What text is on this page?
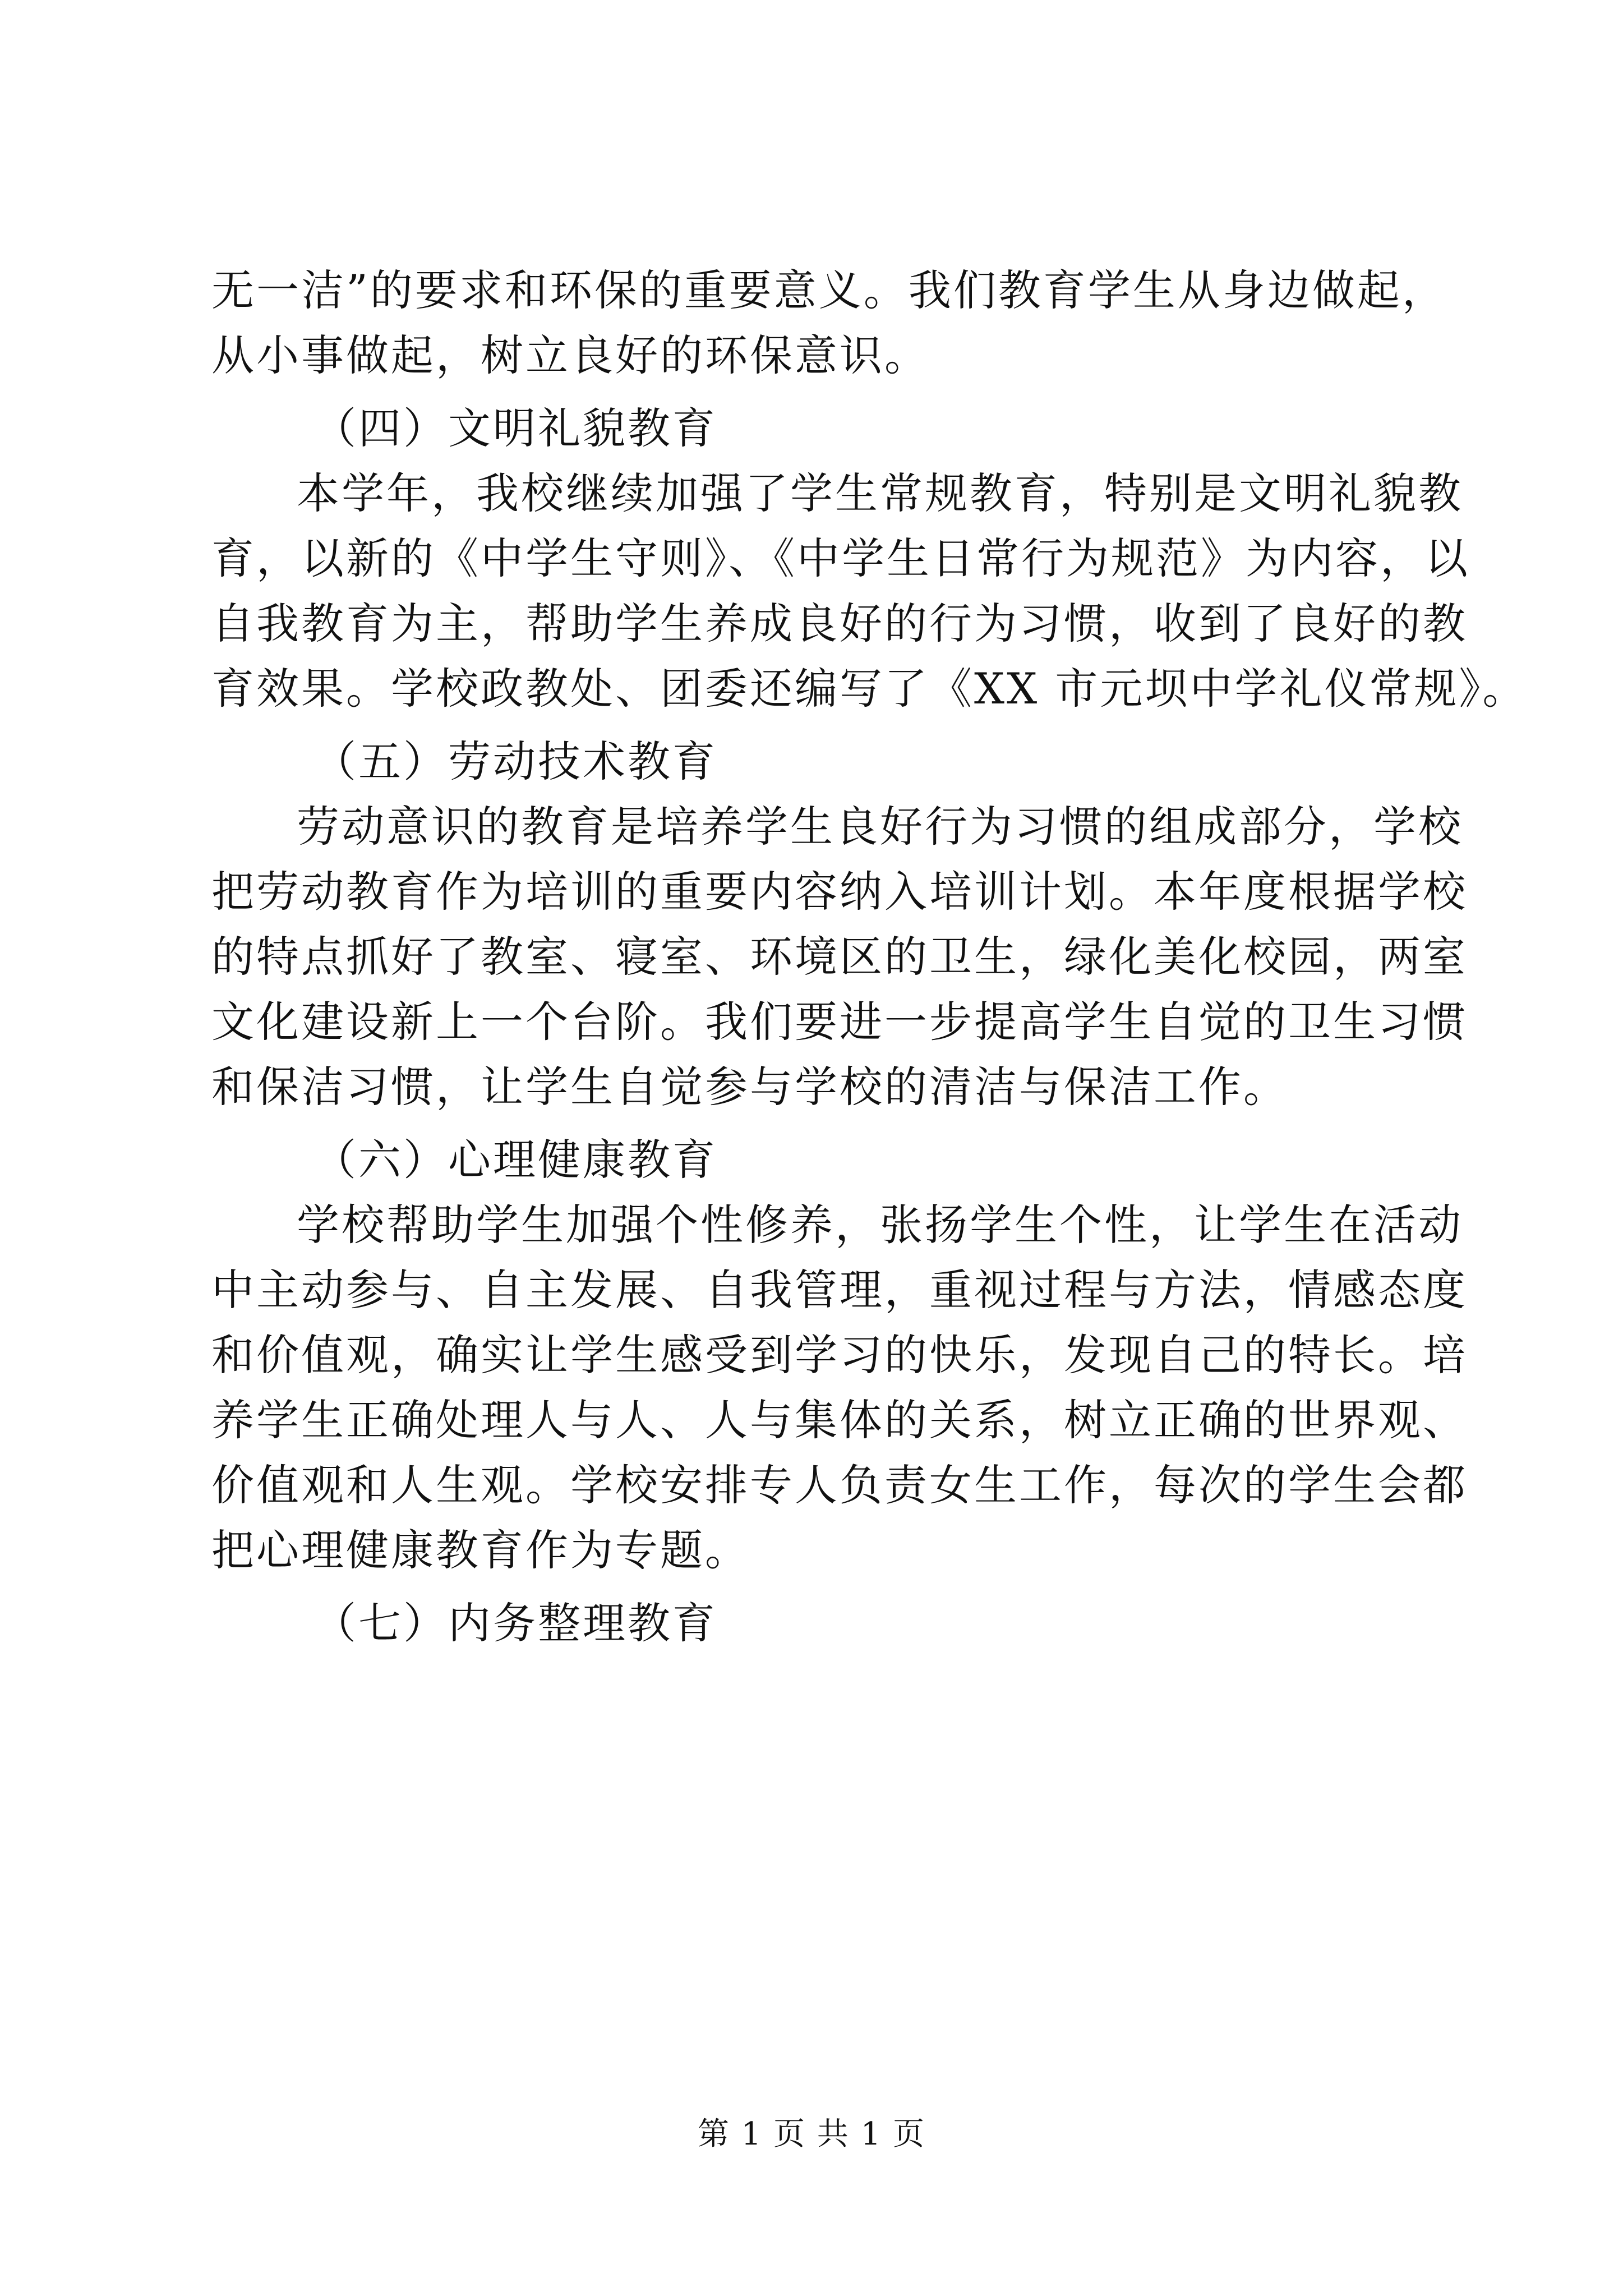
无一洁”的要求和环保的重要意义。我们教育学生从身边做起，
从小事做起，树立良好的环保意识。
（四）文明礼貌教育
本学年，我校继续加强了学生常规教育，特别是文明礼貌教
育，以新的《中学生守则》、《中学生日常行为规范》为内容，以
自我教育为主，帮助学生养成良好的行为习惯，收到了良好的教
育效果。学校政教处、团委还编写了《XX 市元坝中学礼仪常规》。
（五）劳动技术教育
劳动意识的教育是培养学生良好行为习惯的组成部分，学校
把劳动教育作为培训的重要内容纳入培训计划。本年度根据学校
的特点抓好了教室、寝室、环境区的卫生，绿化美化校园，两室
文化建设新上一个台阶。我们要进一步提高学生自觉的卫生习惯
和保洁习惯，让学生自觉参与学校的清洁与保洁工作。
（六）心理健康教育
学校帮助学生加强个性修养，张扬学生个性，让学生在活动
中主动参与、自主发展、自我管理，重视过程与方法，情感态度
和价值观，确实让学生感受到学习的快乐，发现自己的特长。培
养学生正确处理人与人、人与集体的关系，树立正确的世界观、
价值观和人生观。学校安排专人负责女生工作，每次的学生会都
把心理健康教育作为专题。
（七）内务整理教育
第 1 页 共 1 页
